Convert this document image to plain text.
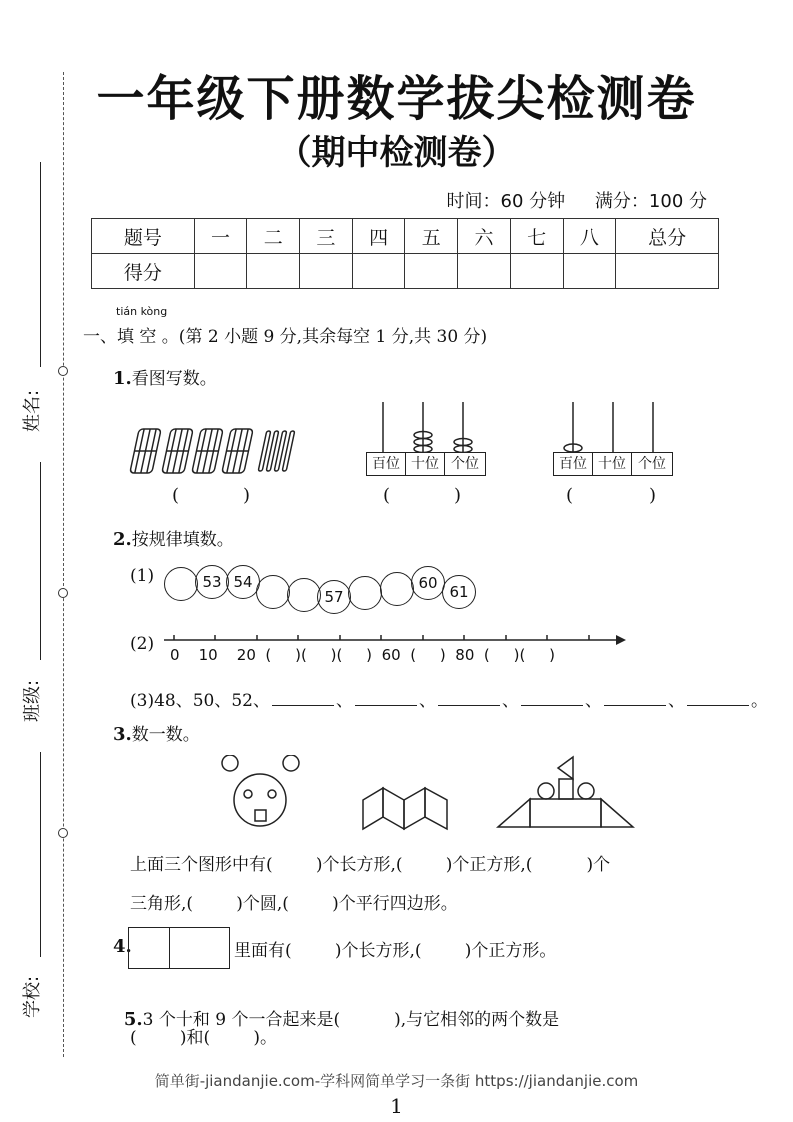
姓名:
班级:
学校:
一年级下册数学拔尖检测卷
（期中检测卷）
时间：60 分钟 满分：100 分
题号	一	二	三	四	五	六	七	八	总分
得分									
tián kòng
一、填 空 。(第 2 小题 9 分,其余每空 1 分,共 30 分)
1.看图写数。
百位 十位 个位	百位 十位 个位
(	)	(	)	(	)
2.按规律填数。
(1)	53 54
57
60 61
(2)
0    10    20  (     )(     )(     )  60  (     )  80  (     )(     )
(3)48、50、52、	、	、	、	、	、	。
3.数一数。
上面三个图形中有(        )个长方形,(        )个正方形,(          )个
三角形,(        )个圆,(        )个平行四边形。
4.	里面有(        )个长方形,(        )个正方形。

5.3 个十和 9 个一合起来是(          ),与它相邻的两个数是

(        )和(        )。
简单街-jiandanjie.com-学科网简单学习一条街 https://jiandanjie.com
1
